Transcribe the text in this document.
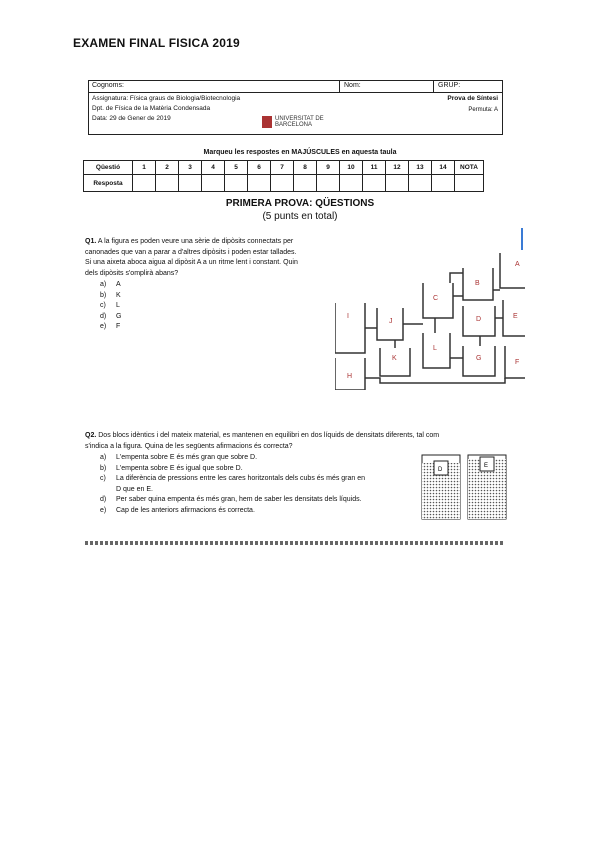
EXAMEN FINAL FISICA 2019
Cognoms:	Nom:	GRUP:
Assignatura: Física graus de Biologia/Biotecnologia
Dpt. de Física de la Matèria Condensada
Data: 29 de Gener de 2019
Prova de Síntesi
Permuta: A
UNIVERSITAT DE BARCELONA
Marqueu les respostes en MAJÚSCULES en aquesta taula
Qüestió	1	2	3	4	5	6	7	8	9	10	11	12	13	14	NOTA
Resposta															
PRIMERA PROVA: QÜESTIONS
(5 punts en total)
Q1. A la figura es poden veure una sèrie de dipòsits connectats per
canonades que van a parar a d'altres dipòsits i poden estar tallades.
Si una aixeta aboca aigua al dipòsit A a un ritme lent i constant. Quin
dels dipòsits s'omplirà abans?
a) A
b) K
c) L
d) G
e) F
A
B
C
D	E
F
G
H
I
J
K
L
Q2. Dos blocs idèntics i del mateix material, es mantenen en equilibri en dos líquids de densitats diferents, tal com
s'indica a la figura. Quina de les següents afirmacions és correcta?
a) L'empenta sobre E és més gran que sobre D.
b) L'empenta sobre E és igual que sobre D.
c) La diferència de pressions entre les cares horitzontals dels cubs és més gran en
D que en E.
d) Per saber quina empenta és més gran, hem de saber les densitats dels líquids.
e) Cap de les anteriors afirmacions és correcta.
D
E
